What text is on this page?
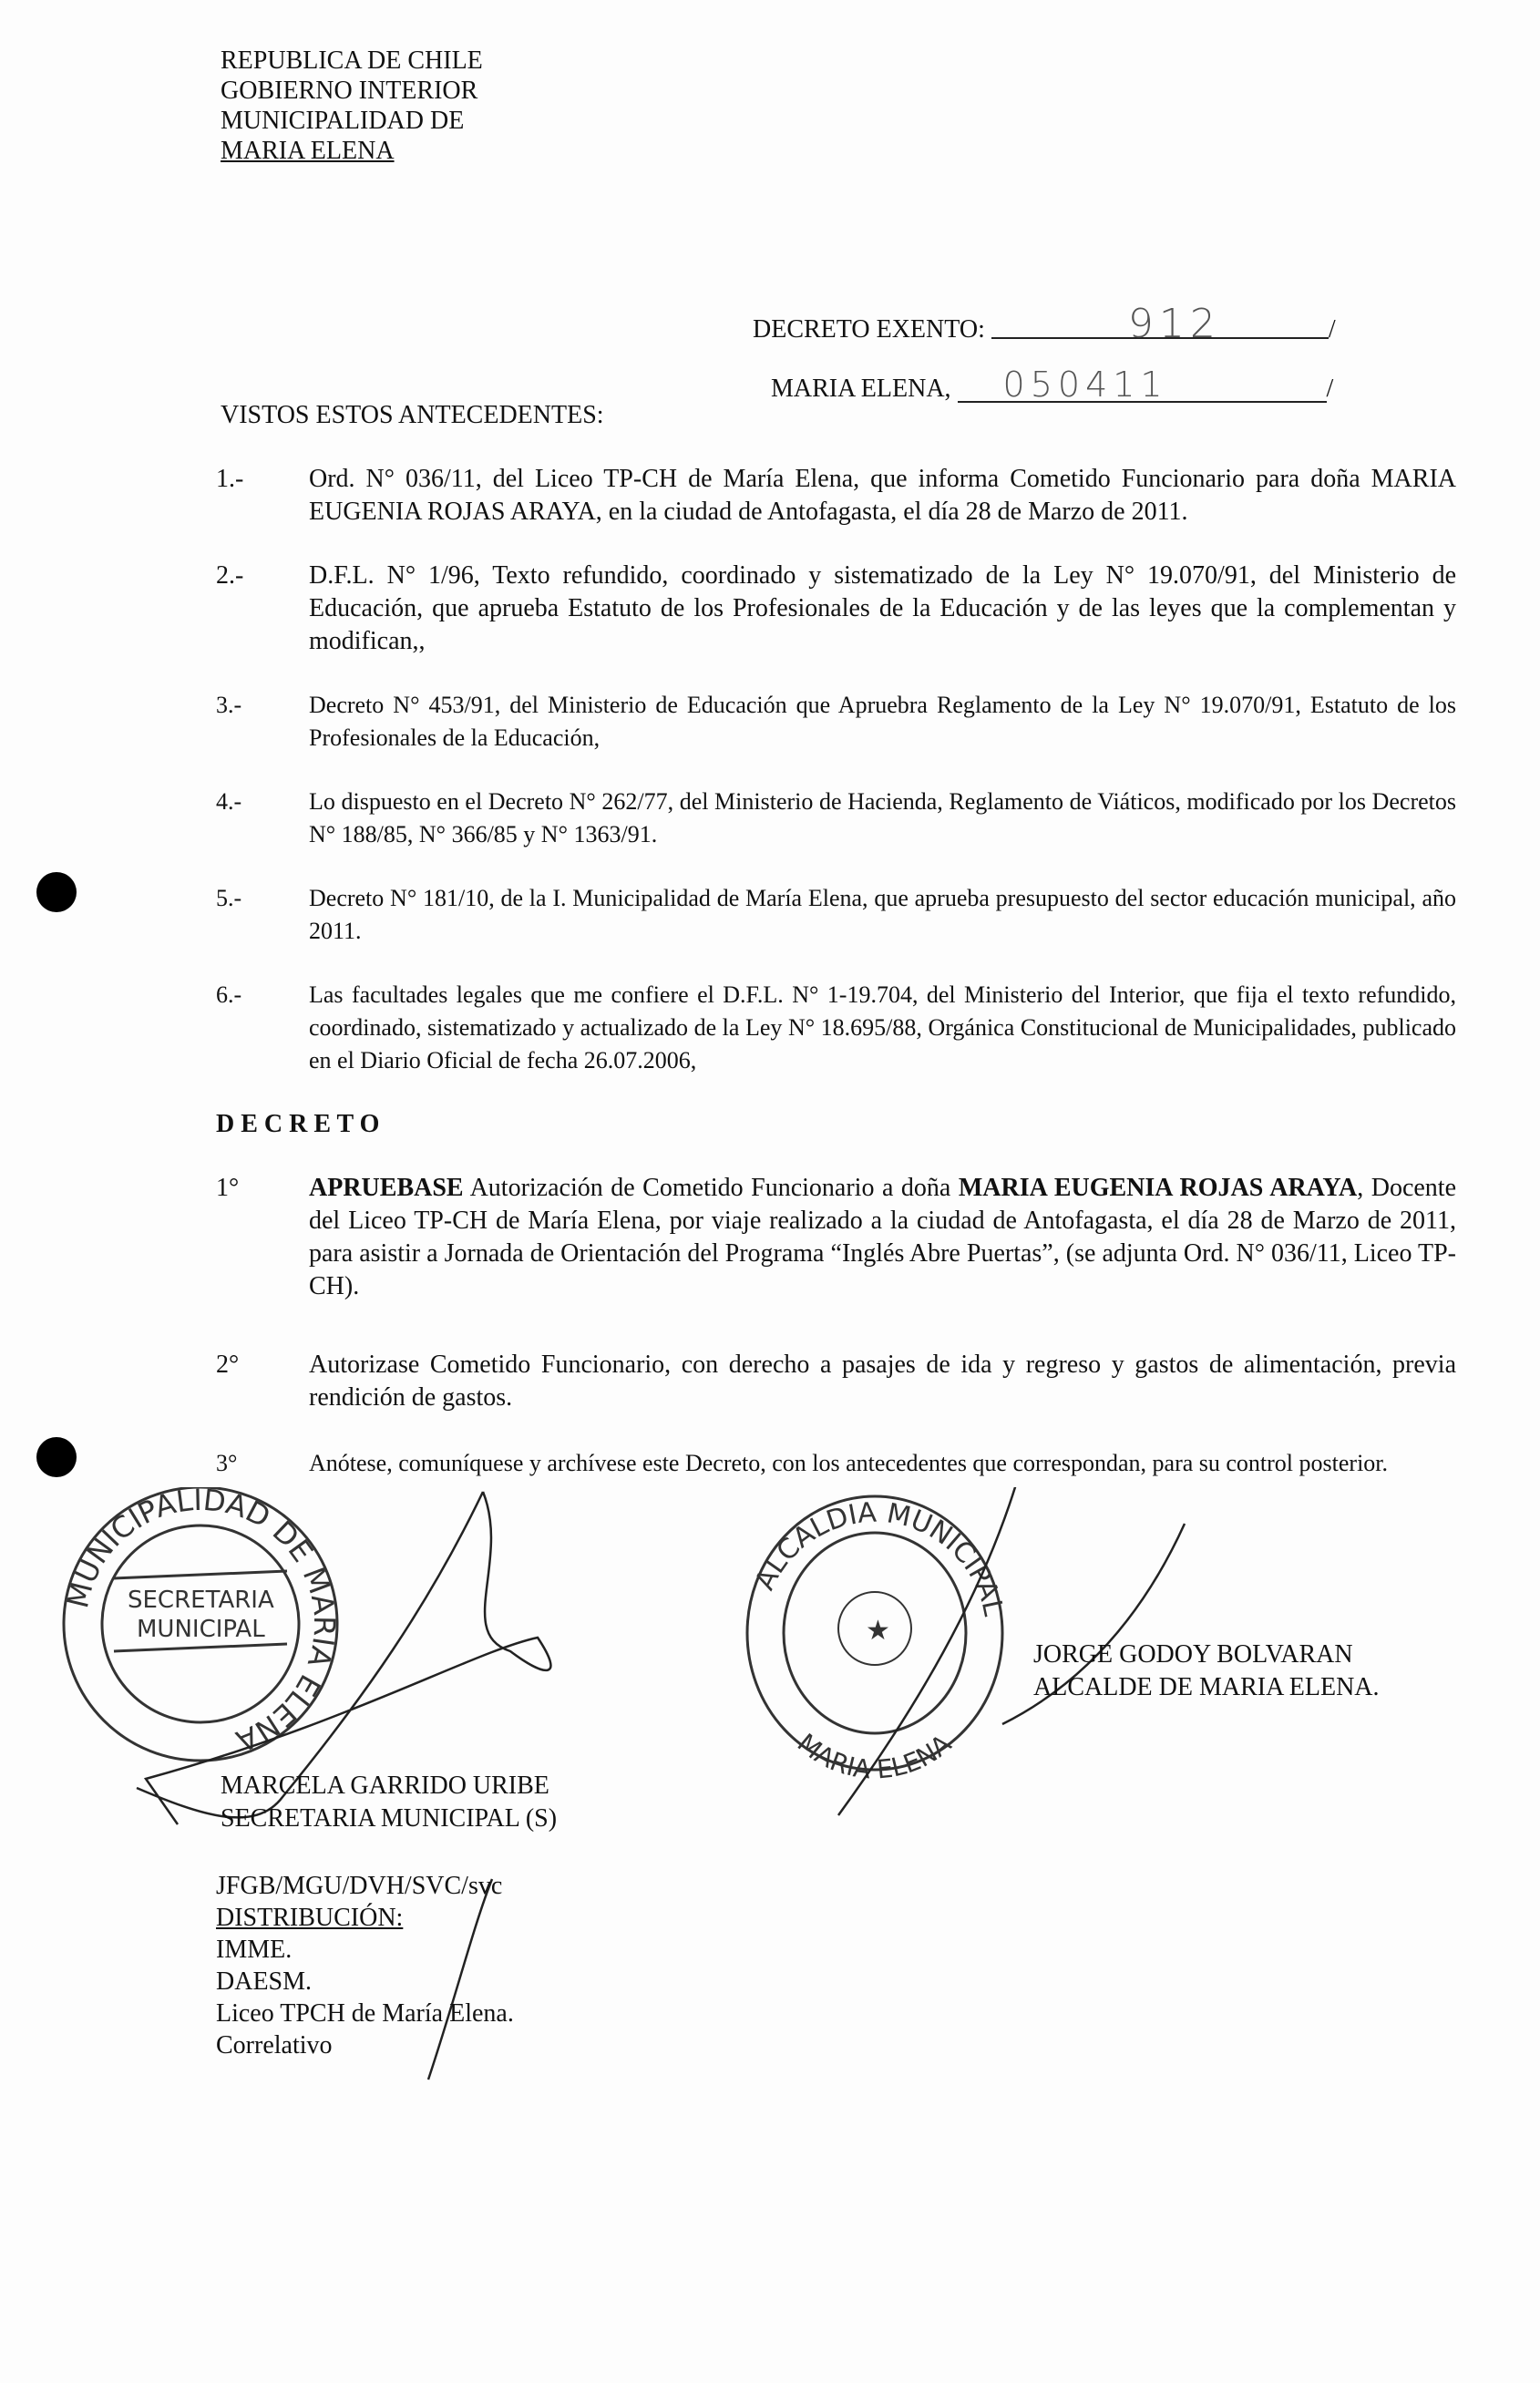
REPUBLICA DE CHILE
GOBIERNO INTERIOR
MUNICIPALIDAD DE
MARIA ELENA
DECRETO EXENTO:	912	/
MARIA ELENA, 050411	/
VISTOS ESTOS ANTECEDENTES:
1.-	Ord. N° 036/11, del Liceo TP-CH de María Elena, que informa Cometido Funcionario para doña MARIA EUGENIA ROJAS ARAYA, en la ciudad de Antofagasta, el día 28 de Marzo de 2011.
2.-	D.F.L. N° 1/96, Texto refundido, coordinado y sistematizado de la Ley N° 19.070/91, del Ministerio de Educación, que aprueba Estatuto de los Profesionales de la Educación y de las leyes que la complementan y modifican,,
3.-	Decreto N° 453/91, del Ministerio de Educación que Apruebra Reglamento de la Ley N° 19.070/91, Estatuto de los Profesionales de la Educación,
4.-	Lo dispuesto en el Decreto N° 262/77, del Ministerio de Hacienda, Reglamento de Viáticos, modificado por los Decretos N° 188/85, N° 366/85 y N° 1363/91.
5.-	Decreto N° 181/10, de la I. Municipalidad de María Elena, que aprueba presupuesto del sector educación municipal, año 2011.
6.-	Las facultades legales que me confiere el D.F.L. N° 1-19.704, del Ministerio del Interior, que fija el texto refundido, coordinado, sistematizado y actualizado de la Ley N° 18.695/88, Orgánica Constitucional de Municipalidades, publicado en el Diario Oficial de fecha 26.07.2006,
D E C R E T O
1°	APRUEBASE Autorización de Cometido Funcionario a doña MARIA EUGENIA ROJAS ARAYA, Docente del Liceo TP-CH de María Elena, por viaje realizado a la ciudad de Antofagasta, el día 28 de Marzo de 2011, para asistir a Jornada de Orientación del Programa “Inglés Abre Puertas”, (se adjunta Ord. N° 036/11, Liceo TP-CH).
2°	Autorizase Cometido Funcionario, con derecho a pasajes de ida y regreso y gastos de alimentación, previa rendición de gastos.
3°	Anótese, comuníquese y archívese este Decreto, con los antecedentes que correspondan, para su control posterior.
MUNICIPALIDAD DE MARIA ELENA
SECRETARIA
MUNICIPAL	★
ALCALDIA MUNICIPAL
MARIA ELENA
MARCELA GARRIDO URIBE
SECRETARIA MUNICIPAL (S)
JORGE GODOY BOLVARAN
ALCALDE DE MARIA ELENA.
JFGB/MGU/DVH/SVC/svc
DISTRIBUCIÓN:
IMME.
DAESM.
Liceo TPCH de María Elena.
Correlativo
